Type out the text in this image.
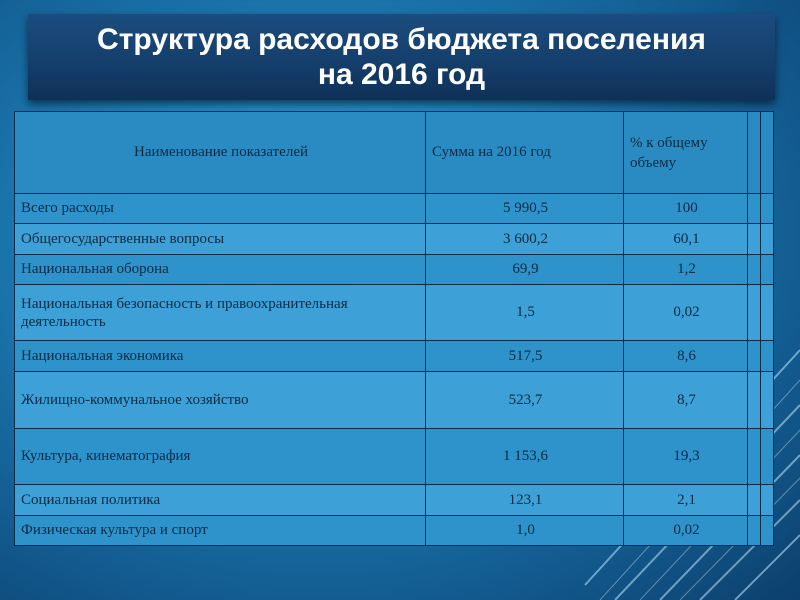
Структура расходов бюджета поселения
на 2016 год
Наименование показателей	Сумма на 2016 год	% к общему объему		
Всего расходы	5 990,5	100		
Общегосударственные вопросы	3 600,2	60,1		
Национальная оборона	69,9	1,2		

Национальная безопасность и правоохранительная деятельность	1,5	0,02		
Национальная экономика	517,5	8,6		
Жилищно-коммунальное хозяйство	523,7	8,7		
Культура, кинематография	1 153,6	19,3		
Социальная политика	123,1	2,1		
Физическая культура и спорт	1,0	0,02		
